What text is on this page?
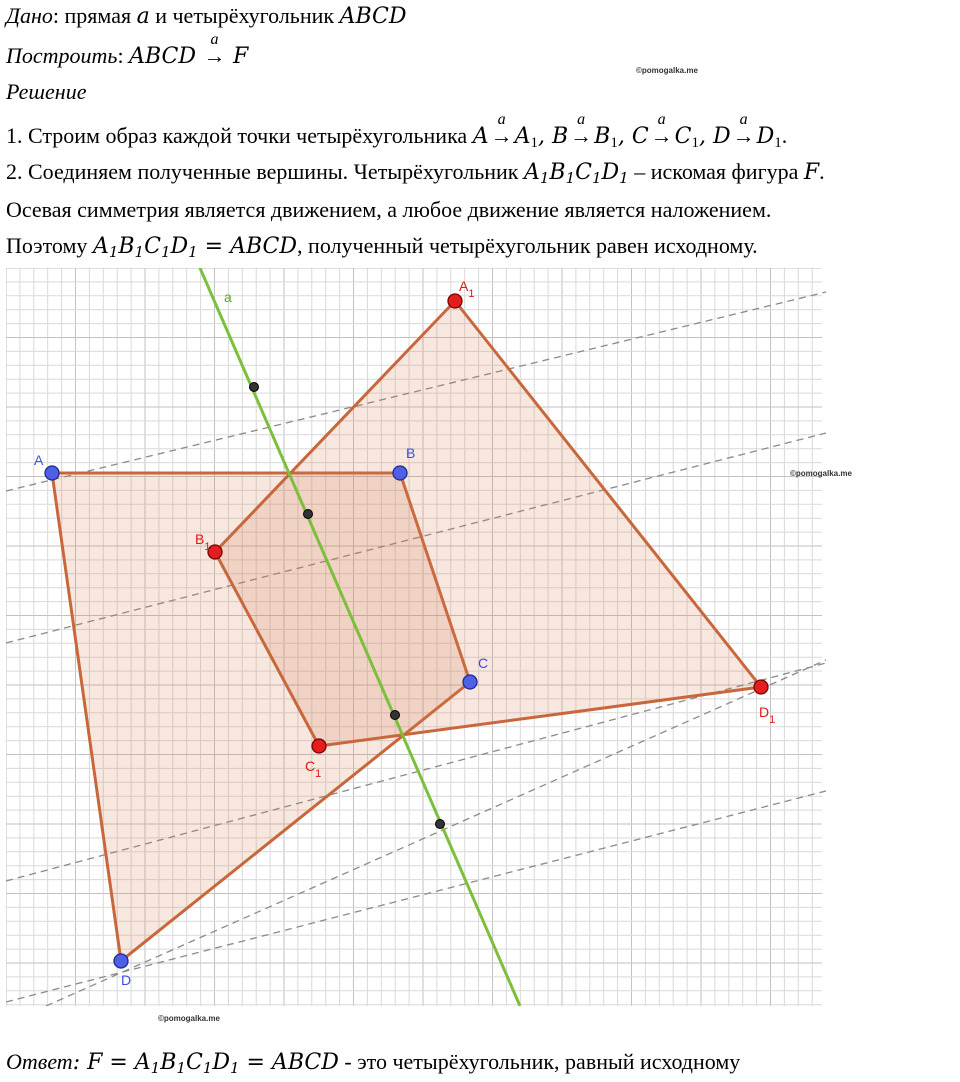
Дано: прямая a и четырёхугольник ABCD
Построить: ABCD
a
→ F
Решение
1. Строим образ каждой точки четырёхугольника A
a
$\to A_1$, B
a
$\to B_1$, C
a
$\to C_1$, D
a
$\to D_1$.
2. Соединяем полученные вершины. Четырёхугольник $A_1B_1C_1D_1$ – искомая фигура F.
Осевая симметрия является движением, а любое движение является наложением.
Поэтому $A_1B_1C_1D_1$ = ABCD, полученный четырёхугольник равен исходному.
©pomogalka.me
a
A	B
C
D
$A_1$
$B_1$
$C_1$
$D_1$
©pomogalka.me
©pomogalka.me
Ответ: $F = A_1B_1C_1D_1$ = ABCD - это четырёхугольник, равный исходному
